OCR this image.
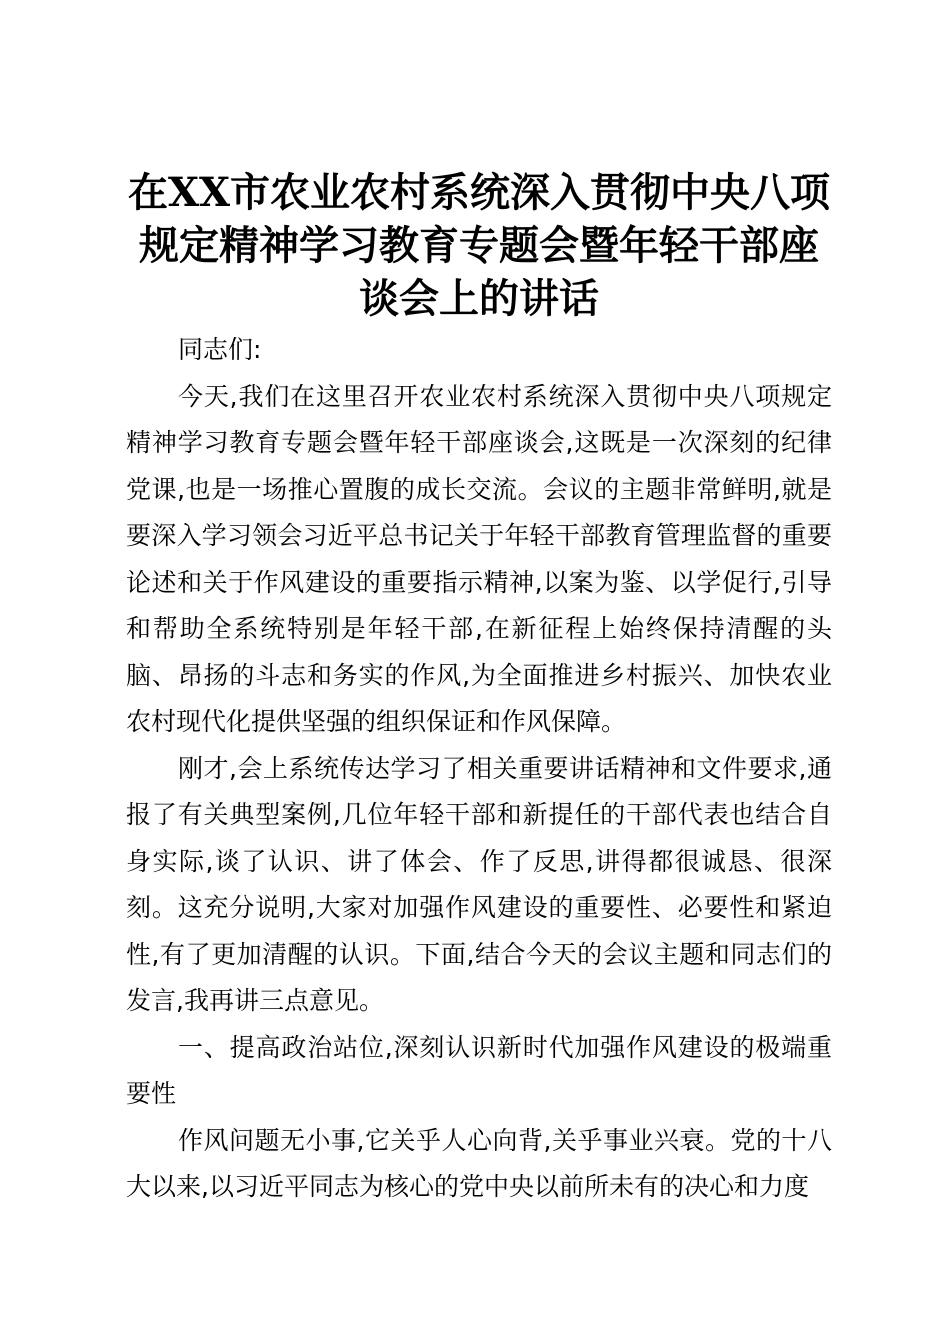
在XX市农业农村系统深入贯彻中央八项规定精神学习教育专题会暨年轻干部座谈会上的讲话

同志们:

今天,我们在这里召开农业农村系统深入贯彻中央八项规定精神学习教育专题会暨年轻干部座谈会,这既是一次深刻的纪律党课,也是一场推心置腹的成长交流。会议的主题非常鲜明,就是要深入学习领会习近平总书记关于年轻干部教育管理监督的重要论述和关于作风建设的重要指示精神,以案为鉴、以学促行,引导和帮助全系统特别是年轻干部,在新征程上始终保持清醒的头脑、昂扬的斗志和务实的作风,为全面推进乡村振兴、加快农业农村现代化提供坚强的组织保证和作风保障。

刚才,会上系统传达学习了相关重要讲话精神和文件要求,通报了有关典型案例,几位年轻干部和新提任的干部代表也结合自身实际,谈了认识、讲了体会、作了反思,讲得都很诚恳、很深刻。这充分说明,大家对加强作风建设的重要性、必要性和紧迫性,有了更加清醒的认识。下面,结合今天的会议主题和同志们的发言,我再讲三点意见。

一、提高政治站位,深刻认识新时代加强作风建设的极端重要性

作风问题无小事,它关乎人心向背,关乎事业兴衰。党的十八大以来,以习近平同志为核心的党中央以前所未有的决心和力度
